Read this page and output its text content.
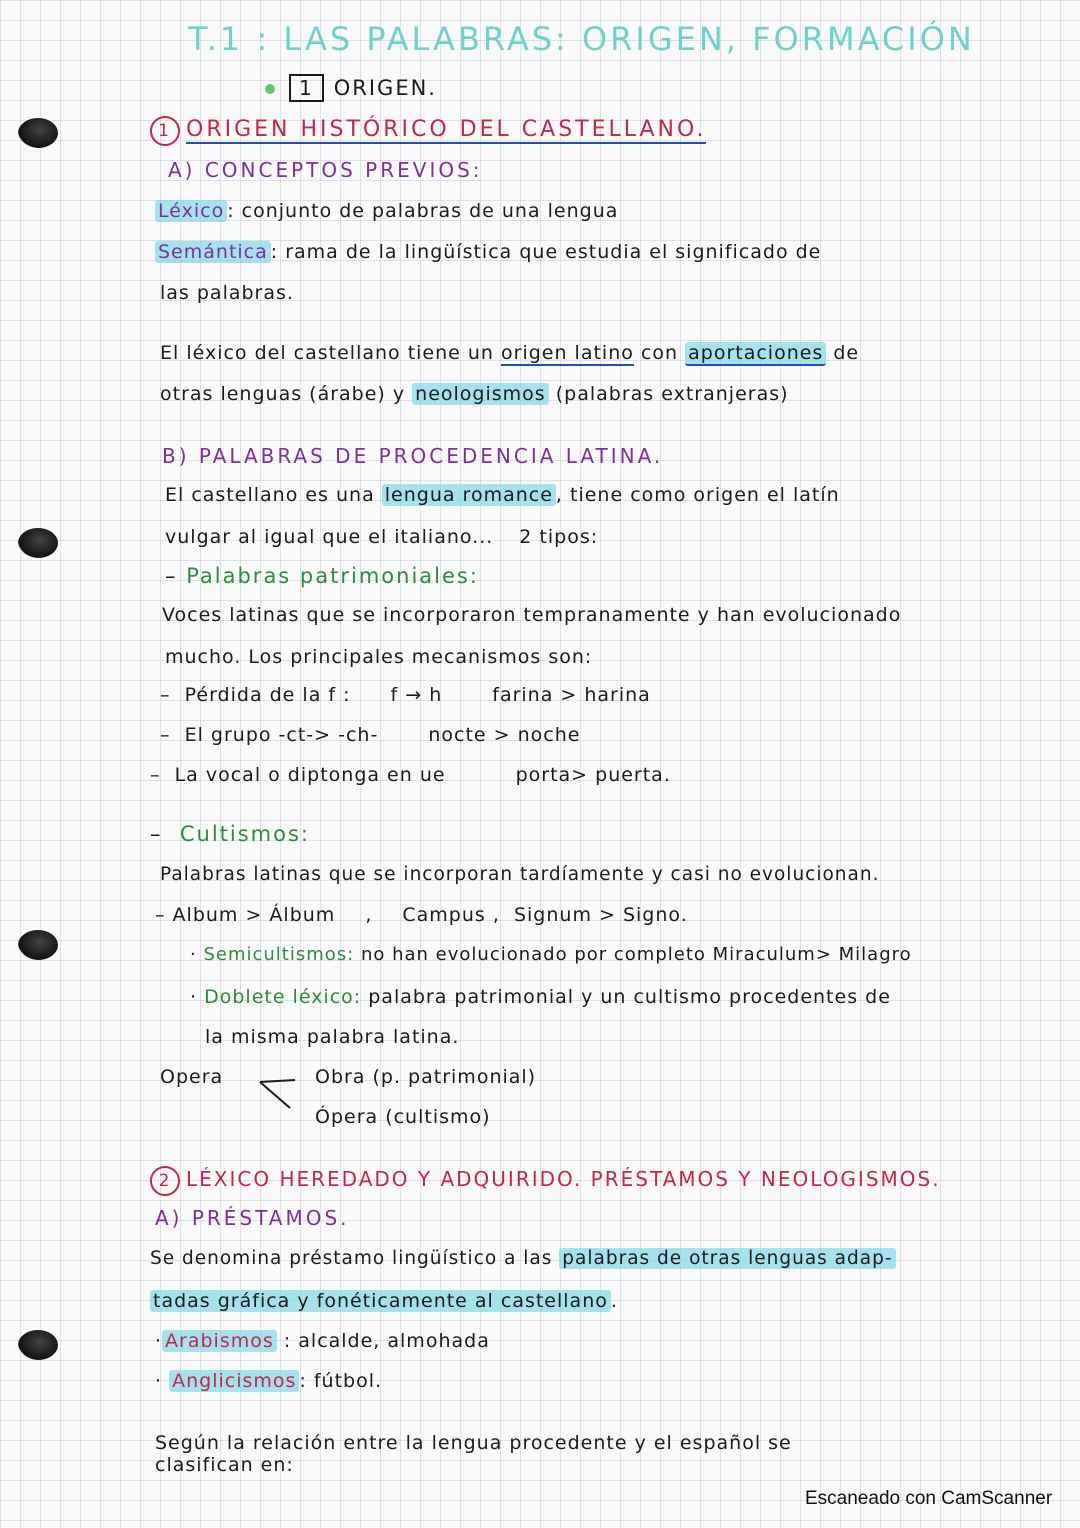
T.1 : LAS PALABRAS: ORIGEN, FORMACIÓN
1 ORIGEN.
1 ORIGEN HISTÓRICO DEL CASTELLANO.
A) CONCEPTOS PREVIOS:
Léxico : conjunto de palabras de una lengua
Semántica : rama de la lingüística que estudia el significado de
las palabras.
El léxico del castellano tiene un origen latino con aportaciones de
otras lenguas (árabe) y neologismos (palabras extranjeras)
B) PALABRAS DE PROCEDENCIA LATINA.
El castellano es una lengua romance , tiene como origen el latín
vulgar al igual que el italiano... 2 tipos:
– Palabras patrimoniales:
Voces latinas que se incorporaron tempranamente y han evolucionado
mucho. Los principales mecanismos son:
–  Pérdida de la f : f → h	farina > harina
–  El grupo -ct-> -ch-	nocte > noche
–  La vocal o diptonga en ue	porta> puerta.
– Cultismos:
Palabras latinas que se incorporan tardíamente y casi no evolucionan.
– Album > Álbum , Campus , Signum > Signo.
· Semicultismos: no han evolucionado por completo Miraculum> Milagro
· Doblete léxico: palabra patrimonial y un cultismo procedentes de
la misma palabra latina.
Opera	Obra (p. patrimonial)
Ópera (cultismo)
2 LÉXICO HEREDADO Y ADQUIRIDO. PRÉSTAMOS Y NEOLOGISMOS.
A) PRÉSTAMOS.
Se denomina préstamo lingüístico a las palabras de otras lenguas adap-
tadas gráfica y fonéticamente al castellano .
· Arabismos : alcalde, almohada
· Anglicismos : fútbol.
Según la relación entre la lengua procedente y el español se
clasifican en:
Escaneado con CamScanner
